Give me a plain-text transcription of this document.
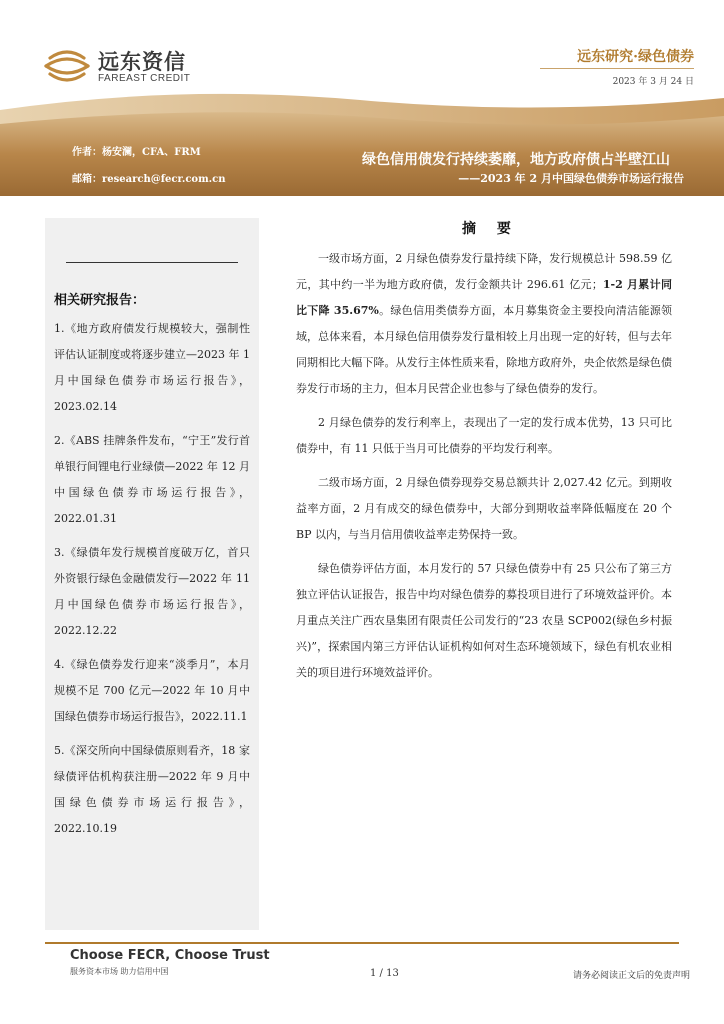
远东资信
FAREAST CREDIT
远东研究·绿色债券
2023 年 3 月 24 日
作者：杨安澜，CFA、FRM
邮箱：research@fecr.com.cn
绿色信用债发行持续萎靡，地方政府债占半壁江山
——2023 年 2 月中国绿色债券市场运行报告
相关研究报告：

1.《地方政府债发行规模较大，强制性评估认证制度或将逐步建立—2023 年 1 月中国绿色债券市场运行报告》，2023.02.14

2.《ABS 挂牌条件发布，“宁王”发行首单银行间锂电行业绿债—2022 年 12 月中国绿色债券市场运行报告》，2022.01.31

3.《绿债年发行规模首度破万亿，首只外资银行绿色金融债发行—2022 年 11 月中国绿色债券市场运行报告》，2022.12.22

4.《绿色债券发行迎来“淡季月”，本月规模不足 700 亿元—2022 年 10 月中国绿色债券市场运行报告》，2022.11.1

5.《深交所向中国绿债原则看齐，18 家绿债评估机构获注册—2022 年 9 月中国绿色债券市场运行报告》，2022.10.19

摘 要

一级市场方面，2 月绿色债券发行量持续下降，发行规模总计 598.59 亿元，其中约一半为地方政府债，发行金额共计 296.61 亿元；1-2 月累计同比下降 35.67%。绿色信用类债券方面，本月募集资金主要投向清洁能源领域，总体来看，本月绿色信用债券发行量相较上月出现一定的好转，但与去年同期相比大幅下降。从发行主体性质来看，除地方政府外，央企依然是绿色债券发行市场的主力，但本月民营企业也参与了绿色债券的发行。

2 月绿色债券的发行利率上，表现出了一定的发行成本优势，13 只可比债券中，有 11 只低于当月可比债券的平均发行利率。

二级市场方面，2 月绿色债券现券交易总额共计 2,027.42 亿元。到期收益率方面，2 月有成交的绿色债券中，大部分到期收益率降低幅度在 20 个 BP 以内，与当月信用债收益率走势保持一致。

绿色债券评估方面，本月发行的 57 只绿色债券中有 25 只公布了第三方独立评估认证报告，报告中均对绿色债券的募投项目进行了环境效益评价。本月重点关注广西农垦集团有限责任公司发行的“23 农垦 SCP002(绿色乡村振兴)”，探索国内第三方评估认证机构如何对生态环境领域下，绿色有机农业相关的项目进行环境效益评价。

Choose FECR, Choose Trust
服务资本市场 助力信用中国	1 / 13	请务必阅读正文后的免责声明
